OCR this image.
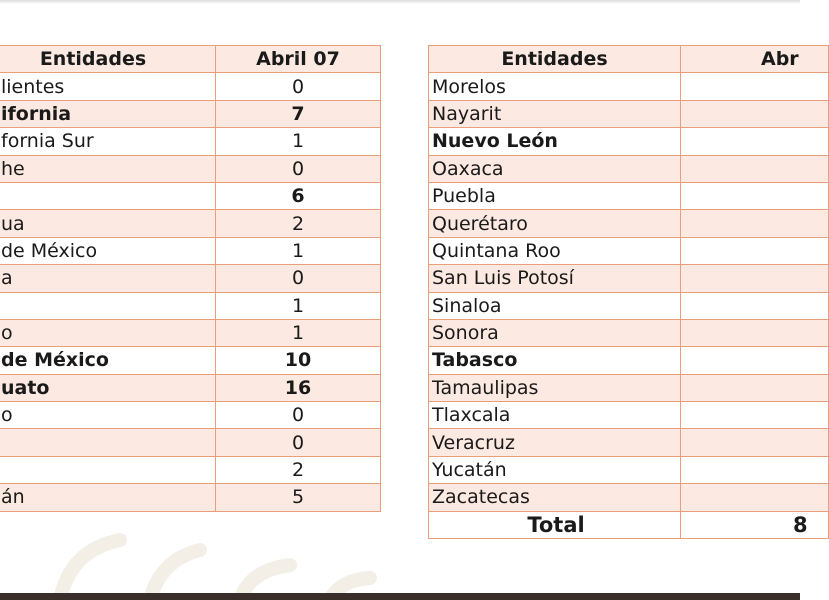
Entidades	Abril 07
lientes	0
ifornia	7
fornia Sur	1
he	0
	6
ua	2
de México	1
a	0
	1
o	1
de México	10
uato	16
o	0
	0
	2
án	5
Entidades	Abr
Morelos	
Nayarit	
Nuevo León	
Oaxaca	
Puebla	
Querétaro	
Quintana Roo	
San Luis Potosí	
Sinaloa	
Sonora	
Tabasco	
Tamaulipas	
Tlaxcala	
Veracruz	
Yucatán	
Zacatecas	
Total	8
